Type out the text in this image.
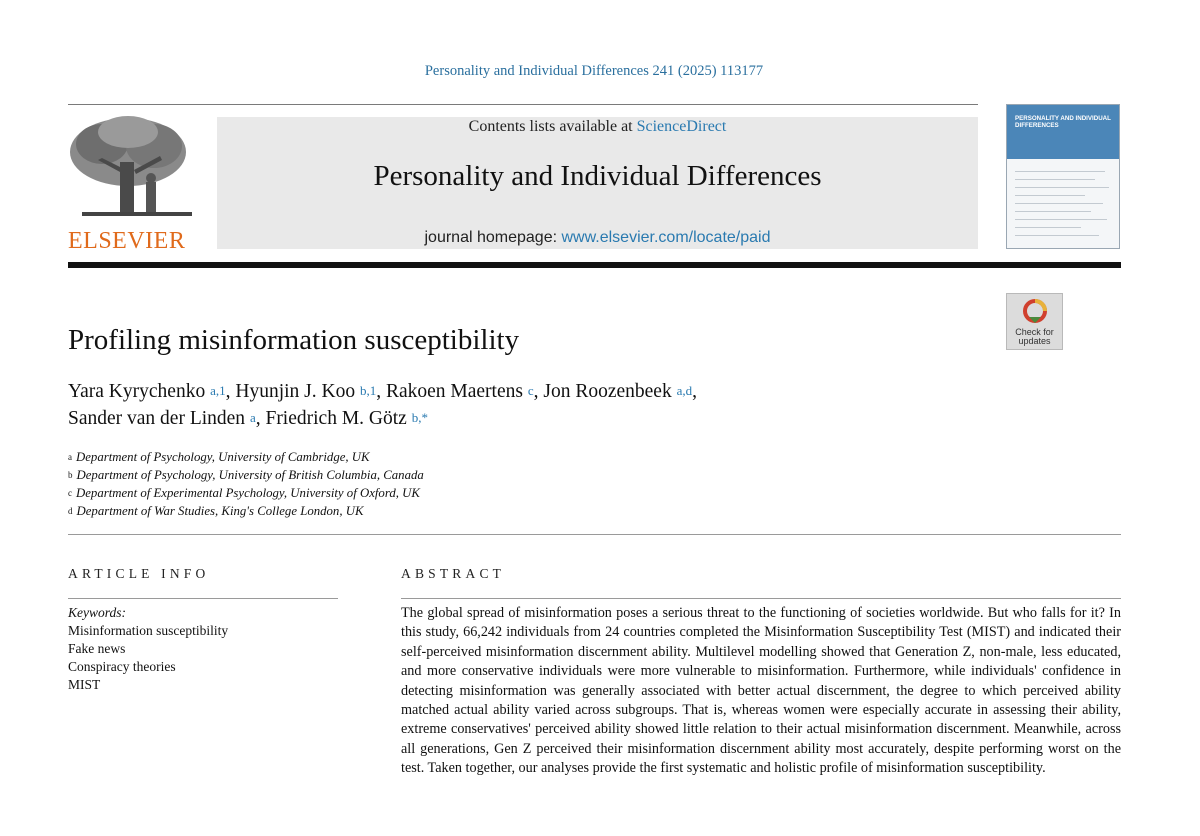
Personality and Individual Differences 241 (2025) 113177
ELSEVIER
Contents lists available at ScienceDirect
Personality and Individual Differences
journal homepage: www.elsevier.com/locate/paid
PERSONALITY AND INDIVIDUAL DIFFERENCES
Check for
updates
Profiling misinformation susceptibility
Yara Kyrychenko $^{a,1}$, Hyunjin J. Koo $^{b,1}$, Rakoen Maertens $^c$, Jon Roozenbeek $^{a,d}$,
Sander van der Linden $^a$, Friedrich M. Götz $^{b,*}$
$^a$ Department of Psychology, University of Cambridge, UK
$^b$ Department of Psychology, University of British Columbia, Canada
$^c$ Department of Experimental Psychology, University of Oxford, UK
$^d$ Department of War Studies, King's College London, UK
ARTICLE INFO
Keywords:
Misinformation susceptibility
Fake news
Conspiracy theories
MIST
ABSTRACT
The global spread of misinformation poses a serious threat to the functioning of societies worldwide. But who falls for it? In this study, 66,242 individuals from 24 countries completed the Misinformation Susceptibility Test (MIST) and indicated their self-perceived misinformation discernment ability. Multilevel modelling showed that Generation Z, non-male, less educated, and more conservative individuals were more vulnerable to misinformation. Furthermore, while individuals' confidence in detecting misinformation was generally associated with better actual discernment, the degree to which perceived ability matched actual ability varied across subgroups. That is, whereas women were especially accurate in assessing their ability, extreme conservatives' perceived ability showed little relation to their actual misinformation discernment. Meanwhile, across all generations, Gen Z perceived their misinformation discernment ability most accurately, despite performing worst on the test. Taken together, our analyses provide the first systematic and holistic profile of misinformation susceptibility.
